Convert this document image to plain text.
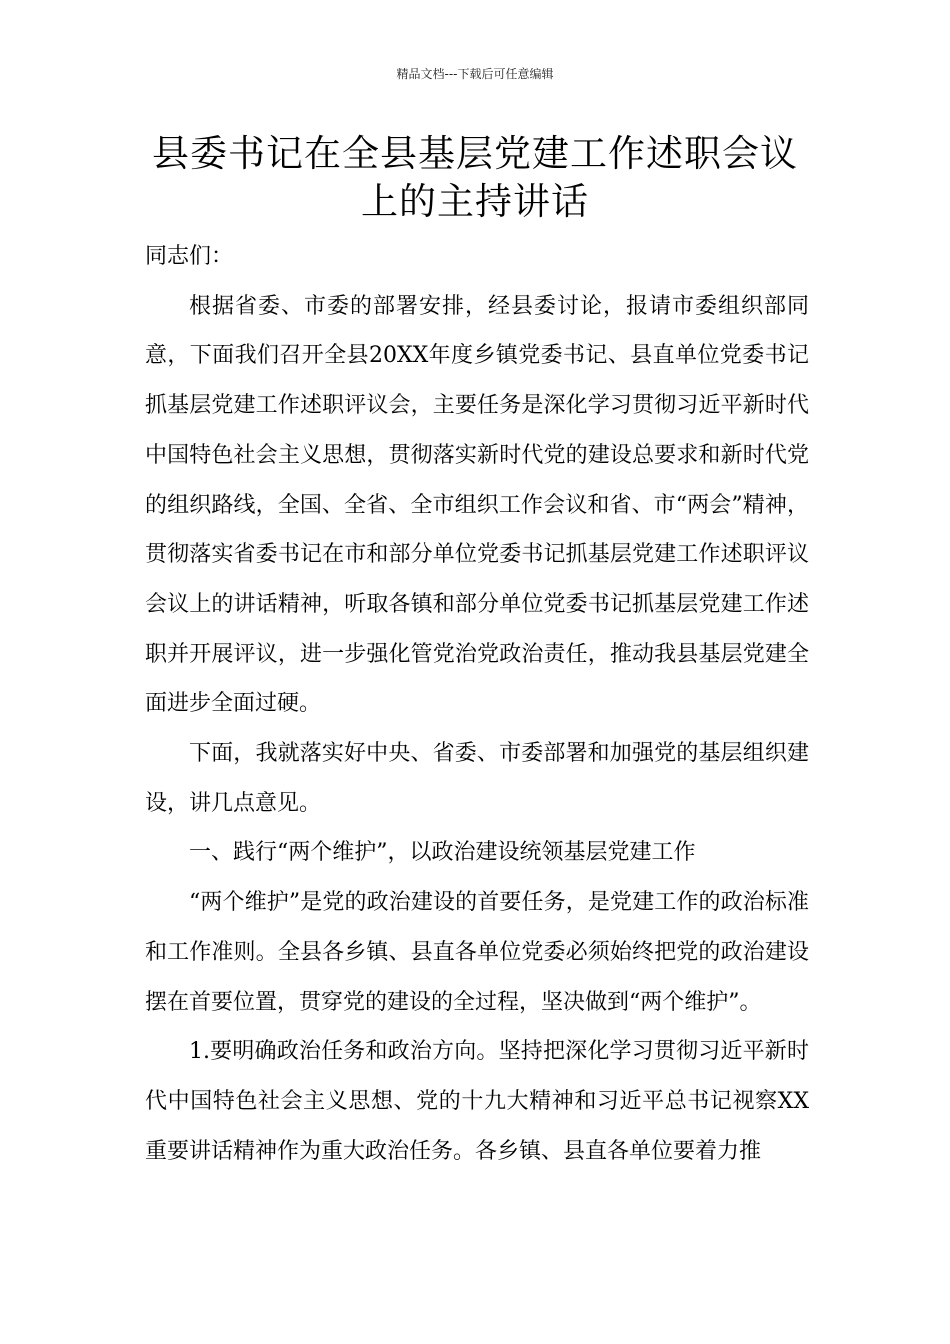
精品文档---下载后可任意编辑
县委书记在全县基层党建工作述职会议上的主持讲话

同志们：

根据省委、市委的部署安排，经县委讨论，报请市委组织部同意，下面我们召开全县20XX年度乡镇党委书记、县直单位党委书记抓基层党建工作述职评议会，主要任务是深化学习贯彻习近平新时代中国特色社会主义思想，贯彻落实新时代党的建设总要求和新时代党的组织路线，全国、全省、全市组织工作会议和省、市“两会”精神，贯彻落实省委书记在市和部分单位党委书记抓基层党建工作述职评议会议上的讲话精神，听取各镇和部分单位党委书记抓基层党建工作述职并开展评议，进一步强化管党治党政治责任，推动我县基层党建全面进步全面过硬。

下面，我就落实好中央、省委、市委部署和加强党的基层组织建设，讲几点意见。

一、践行“两个维护”，以政治建设统领基层党建工作

“两个维护”是党的政治建设的首要任务，是党建工作的政治标准和工作准则。全县各乡镇、县直各单位党委必须始终把党的政治建设摆在首要位置，贯穿党的建设的全过程，坚决做到“两个维护”。

1.要明确政治任务和政治方向。坚持把深化学习贯彻习近平新时代中国特色社会主义思想、党的十九大精神和习近平总书记视察XX重要讲话精神作为重大政治任务。各乡镇、县直各单位要着力推
